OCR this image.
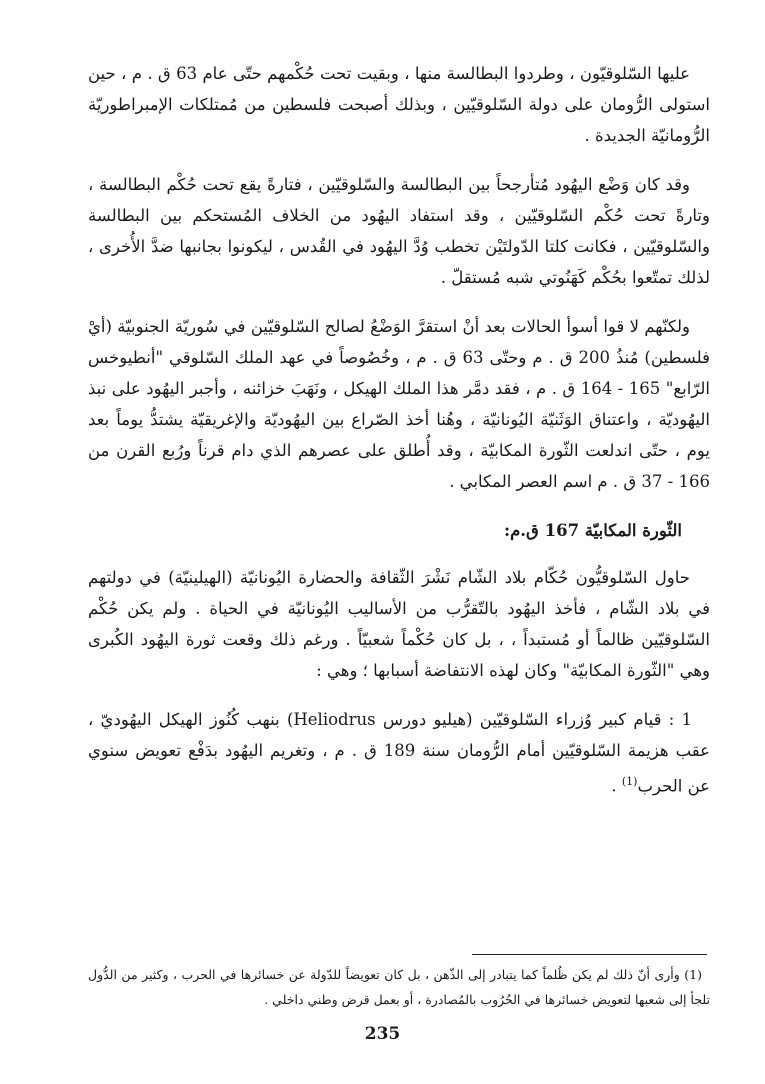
عليها السّلوقيّون ، وطردوا البطالسة منها ، وبقيت تحت حُكْمهم حتّى عام 63 ق . م ، حين استولى الرُّومان على دولة السّلوقيّين ، وبذلك أصبحت فلسطين من مُمتلكات الإمبراطوريّة الرُّومانيّة الجديدة .

وقد كان وَضْع اليهُود مُتأرجحاً بين البطالسة والسّلوقيّين ، فتارةً يقع تحت حُكْم البطالسة ، وتارةً تحت حُكْم السّلوقيّين ، وقد استفاد اليهُود من الخلاف المُستحكم بين البطالسة والسّلوقيّين ، فكانت كلتا الدّولتَيْن تخطب وُدَّ اليهُود في القُدس ، ليكونوا بجانبها ضدَّ الأُخرى ، لذلك تمتّعوا بحُكْم كَهَنُوتي شبه مُستقلّ .

ولكنّهم لا قوا أسوأ الحالات بعد أنْ استقرَّ الوَضْعُ لصالح السّلوقيّين في سُوريّة الجنوبيّة (أيْ فلسطين) مُنذُ 200 ق . م وحتّى 63 ق . م ، وخُصُوصاً في عهد الملك السّلوقي "أنطيوخس الرّابع" 165 - 164 ق . م ، فقد دمَّر هذا الملك الهيكل ، ونَهَبَ خزائنه ، وأجبر اليهُود على نبذ اليهُوديّة ، واعتناق الوَثَنيّة اليُونانيّة ، وهُنا أخذ الصّراع بين اليهُوديّة والإغريقيّة يشتدُّ يوماً بعد يوم ، حتّى اندلعت الثّورة المكابيّة ، وقد أُطلق على عصرهم الذي دام قرناً ورُبع القرن من 166 - 37 ق . م اسم العصر المكابي .

الثّورة المكابيّة 167 ق.م:

حاول السّلوقيُّون حُكّام بلاد الشّام نَشْرَ الثّقافة والحضارة اليُونانيّة (الهيلينيّة) في دولتهم في بلاد الشّام ، فأخذ اليهُود بالتّقرُّب من الأساليب اليُونانيّة في الحياة . ولم يكن حُكْم السّلوقيّين ظالماً أو مُستبداً ، ، بل كان حُكْماً شعبيّاً . ورغم ذلك وقعت ثورة اليهُود الكُبرى وهي "الثّورة المكابيّة" وكان لهذه الانتفاضة أسبابها ؛ وهي :

1 : قيام كبير وُزراء السّلوقيّين (هيليو دورس Heliodrus) بنهب كُنُوز الهيكل اليهُوديّ ، عقب هزيمة السّلوقيّين أمام الرُّومان سنة 189 ق . م ، وتغريم اليهُود بدَفْع تعويض سنوي عن الحرب$^{(1)}$ .

(1) وأرى أنّ ذلك لم يكن ظُلماً كما يتبادر إلى الذّهن ، بل كان تعويضاً للدّولة عن خسائرها في الحرب ، وكثير من الدُّول تلجأ إلى شعبها لتعويض خسائرها في الحُرُوب بالمُصادرة ، أو بعمل قرض وطني داخلي .

235
